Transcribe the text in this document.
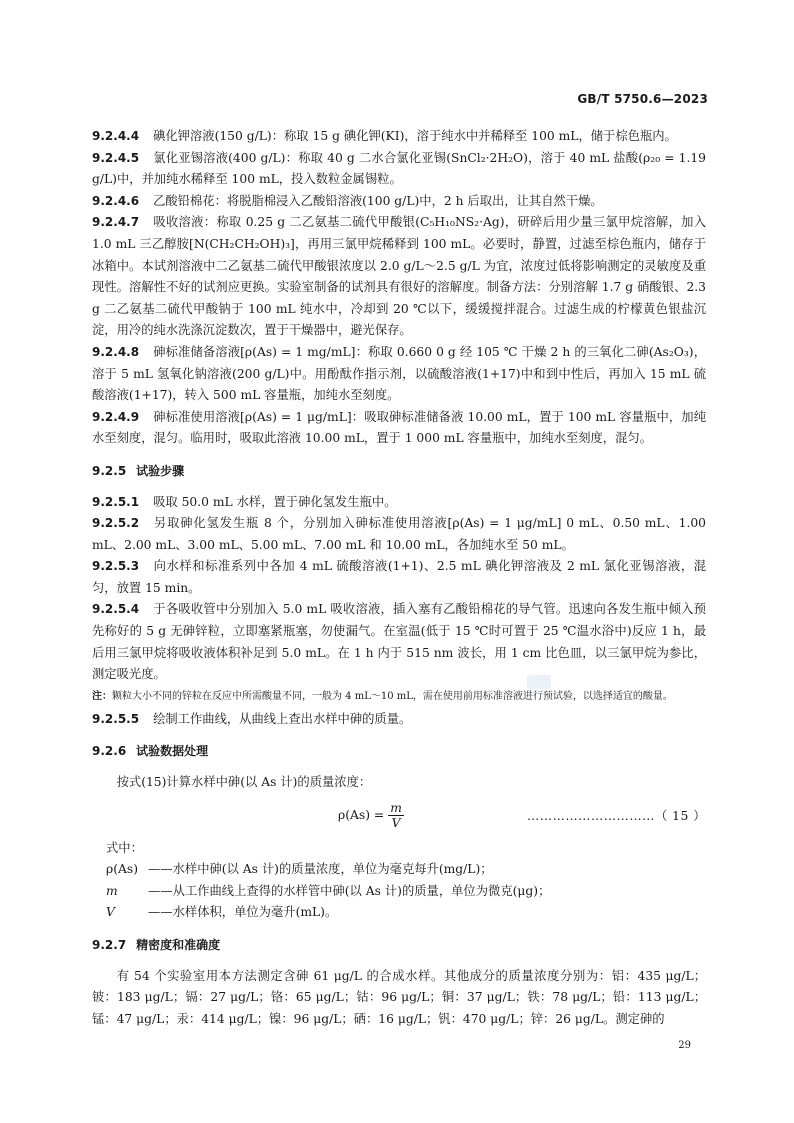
GB/T 5750.6—2023

9.2.4.4 碘化钾溶液(150 g/L)：称取 15 g 碘化钾(KI)，溶于纯水中并稀释至 100 mL，储于棕色瓶内。

9.2.4.5 氯化亚锡溶液(400 g/L)：称取 40 g 二水合氯化亚锡(SnCl₂·2H₂O)，溶于 40 mL 盐酸(ρ₂₀ = 1.19 g/L)中，并加纯水稀释至 100 mL，投入数粒金属锡粒。

9.2.4.6 乙酸铅棉花：将脱脂棉浸入乙酸铅溶液(100 g/L)中，2 h 后取出，让其自然干燥。

9.2.4.7 吸收溶液：称取 0.25 g 二乙氨基二硫代甲酸银(C₅H₁₀NS₂·Ag)，研碎后用少量三氯甲烷溶解，加入 1.0 mL 三乙醇胺[N(CH₂CH₂OH)₃]，再用三氯甲烷稀释到 100 mL。必要时，静置，过滤至棕色瓶内，储存于冰箱中。本试剂溶液中二乙氨基二硫代甲酸银浓度以 2.0 g/L～2.5 g/L 为宜，浓度过低将影响测定的灵敏度及重现性。溶解性不好的试剂应更换。实验室制备的试剂具有很好的溶解度。制备方法：分别溶解 1.7 g 硝酸银、2.3 g 二乙氨基二硫代甲酸钠于 100 mL 纯水中，冷却到 20 ℃以下，缓缓搅拌混合。过滤生成的柠檬黄色银盐沉淀，用冷的纯水洗涤沉淀数次，置于干燥器中，避光保存。

9.2.4.8 砷标准储备溶液[ρ(As) = 1 mg/mL]：称取 0.660 0 g 经 105 ℃ 干燥 2 h 的三氧化二砷(As₂O₃)，溶于 5 mL 氢氧化钠溶液(200 g/L)中。用酚酞作指示剂，以硫酸溶液(1+17)中和到中性后，再加入 15 mL 硫酸溶液(1+17)，转入 500 mL 容量瓶，加纯水至刻度。

9.2.4.9 砷标准使用溶液[ρ(As) = 1 μg/mL]：吸取砷标准储备液 10.00 mL，置于 100 mL 容量瓶中，加纯水至刻度，混匀。临用时，吸取此溶液 10.00 mL，置于 1 000 mL 容量瓶中，加纯水至刻度，混匀。

9.2.5 试验步骤

9.2.5.1 吸取 50.0 mL 水样，置于砷化氢发生瓶中。

9.2.5.2 另取砷化氢发生瓶 8 个，分别加入砷标准使用溶液[ρ(As) = 1 μg/mL] 0 mL、0.50 mL、1.00 mL、2.00 mL、3.00 mL、5.00 mL、7.00 mL 和 10.00 mL，各加纯水至 50 mL。

9.2.5.3 向水样和标准系列中各加 4 mL 硫酸溶液(1+1)、2.5 mL 碘化钾溶液及 2 mL 氯化亚锡溶液，混匀，放置 15 min。

9.2.5.4 于各吸收管中分别加入 5.0 mL 吸收溶液，插入塞有乙酸铅棉花的导气管。迅速向各发生瓶中倾入预先称好的 5 g 无砷锌粒，立即塞紧瓶塞，勿使漏气。在室温(低于 15 ℃时可置于 25 ℃温水浴中)反应 1 h，最后用三氯甲烷将吸收液体积补足到 5.0 mL。在 1 h 内于 515 nm 波长，用 1 cm 比色皿，以三氯甲烷为参比，测定吸光度。

注：颗粒大小不同的锌粒在反应中所需酸量不同，一般为 4 mL～10 mL，需在使用前用标准溶液进行预试验，以选择适宜的酸量。

9.2.5.5 绘制工作曲线，从曲线上查出水样中砷的质量。

9.2.6 试验数据处理

按式(15)计算水样中砷(以 As 计)的质量浓度：

$\rho(As) = \frac{m}{V}$	…………………………（ 15 ）

式中：

ρ(As) ——水样中砷(以 As 计)的质量浓度，单位为毫克每升(mg/L)；
m	——从工作曲线上查得的水样管中砷(以 As 计)的质量，单位为微克(μg)；
V	——水样体积，单位为毫升(mL)。

9.2.7 精密度和准确度

有 54 个实验室用本方法测定含砷 61 μg/L 的合成水样。其他成分的质量浓度分别为：铝：435 μg/L；铍：183 μg/L；镉：27 μg/L；铬：65 μg/L；钴：96 μg/L；铜：37 μg/L；铁：78 μg/L；铅：113 μg/L；锰：47 μg/L；汞：414 μg/L；镍：96 μg/L；硒：16 μg/L；钒：470 μg/L；锌：26 μg/L。测定砷的

29
